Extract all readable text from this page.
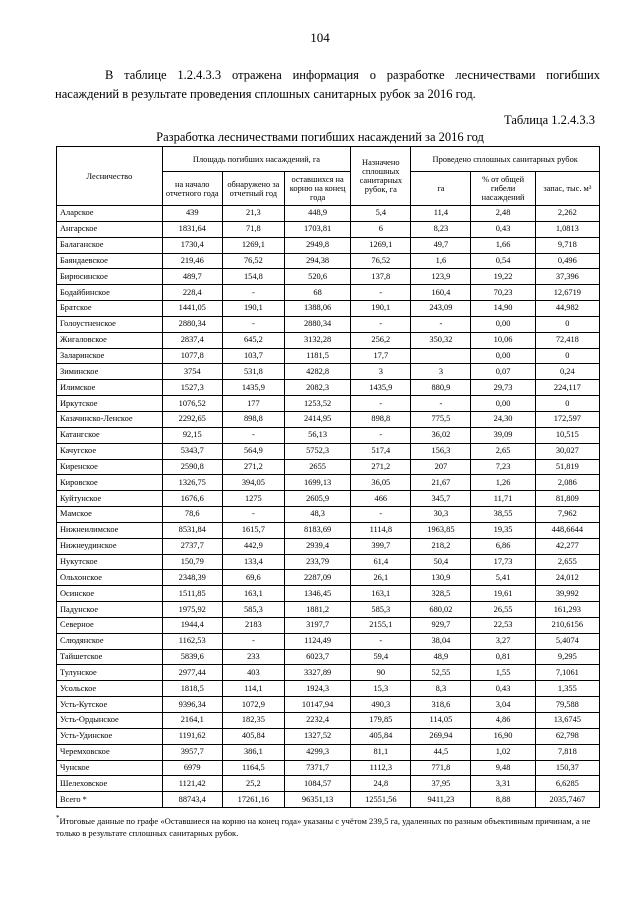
104
В таблице 1.2.4.3.3 отражена информация о разработке лесничествами погибших насаждений в результате проведения сплошных санитарных рубок за 2016 год.
Таблица 1.2.4.3.3
Разработка лесничествами погибших насаждений за 2016 год
Лесничество	Площадь погибших насаждений, га			Назначено сплошных санитарных рубок, га	Проведено сплошных санитарных рубок		
	на начало отчетного года	обнаружено за отчетный год	оставшихся на корню на конец года		га	% от общей гибели насаждений	запас, тыс. м³
Аларское	439	21,3	448,9	5,4	11,4	2,48	2,262
Ангарское	1831,64	71,8	1703,81	6	8,23	0,43	1,0813
Балаганское	1730,4	1269,1	2949,8	1269,1	49,7	1,66	9,718
Баяндаевское	219,46	76,52	294,38	76,52	1,6	0,54	0,496
Бирюсинское	489,7	154,8	520,6	137,8	123,9	19,22	37,396
Бодайбинское	228,4	-	68	-	160,4	70,23	12,6719
Братское	1441,05	190,1	1388,06	190,1	243,09	14,90	44,982
Голоустненское	2880,34	-	2880,34	-	-	0,00	0
Жигаловское	2837,4	645,2	3132,28	256,2	350,32	10,06	72,418
Заларинское	1077,8	103,7	1181,5	17,7		0,00	0
Зиминское	3754	531,8	4282,8	3	3	0,07	0,24
Илимское	1527,3	1435,9	2082,3	1435,9	880,9	29,73	224,117
Иркутское	1076,52	177	1253,52	-	-	0,00	0
Казачинско-Ленское	2292,65	898,8	2414,95	898,8	775,5	24,30	172,597
Катангское	92,15	-	56,13	-	36,02	39,09	10,515
Качугское	5343,7	564,9	5752,3	517,4	156,3	2,65	30,027
Киренское	2590,8	271,2	2655	271,2	207	7,23	51,819
Кировское	1326,75	394,05	1699,13	36,05	21,67	1,26	2,086
Куйтунское	1676,6	1275	2605,9	466	345,7	11,71	81,809
Мамское	78,6	-	48,3	-	30,3	38,55	7,962
Нижнеилимское	8531,84	1615,7	8183,69	1114,8	1963,85	19,35	448,6644
Нижнеудинское	2737,7	442,9	2939,4	399,7	218,2	6,86	42,277
Нукутское	150,79	133,4	233,79	61,4	50,4	17,73	2,655
Ольхонское	2348,39	69,6	2287,09	26,1	130,9	5,41	24,012
Осинское	1511,85	163,1	1346,45	163,1	328,5	19,61	39,992
Падунское	1975,92	585,3	1881,2	585,3	680,02	26,55	161,293
Северное	1944,4	2183	3197,7	2155,1	929,7	22,53	210,6156
Слюдянское	1162,53	-	1124,49	-	38,04	3,27	5,4074
Тайшетское	5839,6	233	6023,7	59,4	48,9	0,81	9,295
Тулунское	2977,44	403	3327,89	90	52,55	1,55	7,1061
Усольское	1818,5	114,1	1924,3	15,3	8,3	0,43	1,355
Усть-Кутское	9396,34	1072,9	10147,94	490,3	318,6	3,04	79,588
Усть-Ордынское	2164,1	182,35	2232,4	179,85	114,05	4,86	13,6745
Усть-Удинское	1191,62	405,84	1327,52	405,84	269,94	16,90	62,798
Черемховское	3957,7	386,1	4299,3	81,1	44,5	1,02	7,818
Чунское	6979	1164,5	7371,7	1112,3	771,8	9,48	150,37
Шелеховское	1121,42	25,2	1084,57	24,8	37,95	3,31	6,6285
Всего *	88743,4	17261,16	96351,13	12551,56	9411,23	8,88	2035,7467
*Итоговые данные по графе «Оставшиеся на корню на конец года» указаны с учётом 239,5 га, удаленных по разным объективным причинам, а не только в результате сплошных санитарных рубок.
